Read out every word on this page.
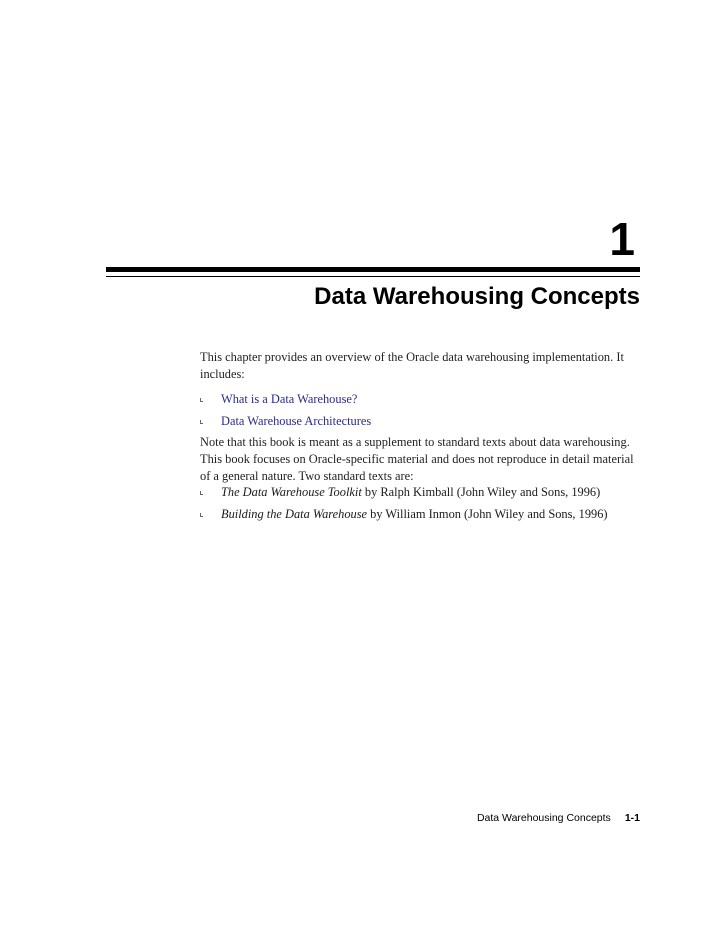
1
Data Warehousing Concepts

This chapter provides an overview of the Oracle data warehousing implementation. It includes:

What is a Data Warehouse?
Data Warehouse Architectures

Note that this book is meant as a supplement to standard texts about data warehousing. This book focuses on Oracle-specific material and does not reproduce in detail material of a general nature. Two standard texts are:

The Data Warehouse Toolkit by Ralph Kimball (John Wiley and Sons, 1996)
Building the Data Warehouse by William Inmon (John Wiley and Sons, 1996)
Data Warehousing Concepts 1-1
